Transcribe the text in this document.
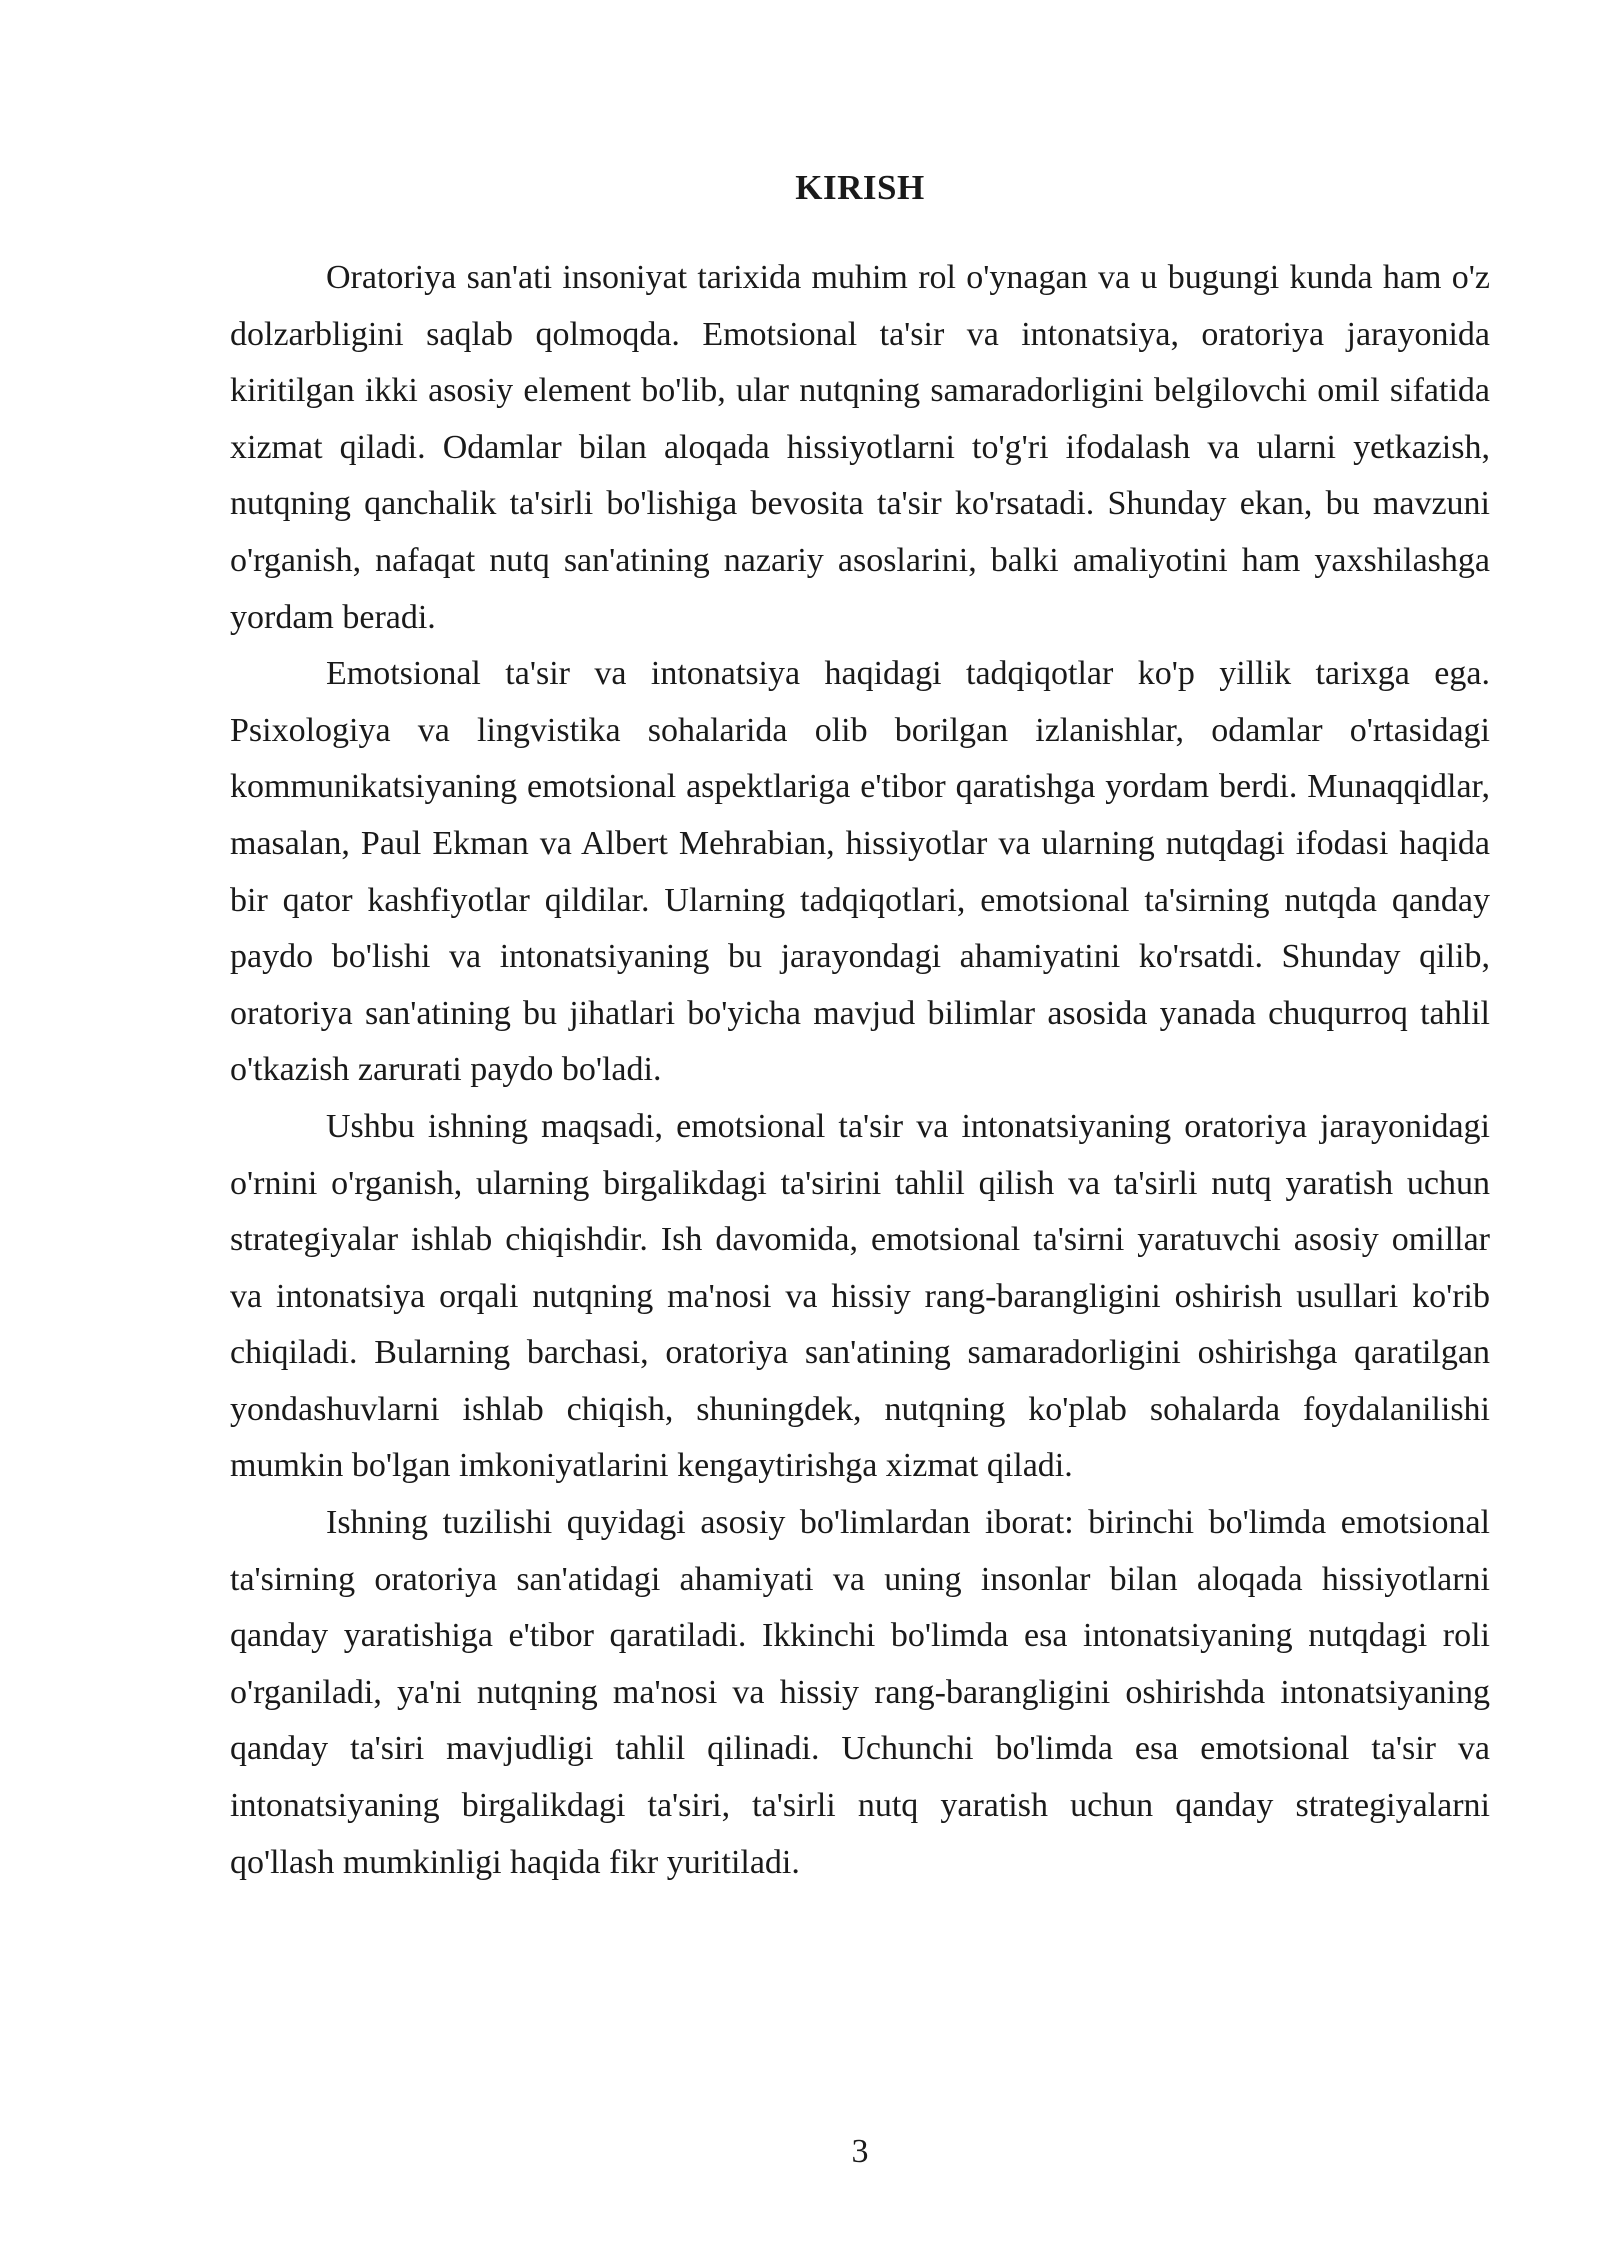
KIRISH

Oratoriya san'ati insoniyat tarixida muhim rol o'ynagan va u bugungi kunda ham o'z dolzarbligini saqlab qolmoqda. Emotsional ta'sir va intonatsiya, oratoriya jarayonida kiritilgan ikki asosiy element bo'lib, ular nutqning samaradorligini belgilovchi omil sifatida xizmat qiladi. Odamlar bilan aloqada hissiyotlarni to'g'ri ifodalash va ularni yetkazish, nutqning qanchalik ta'sirli bo'lishiga bevosita ta'sir ko'rsatadi. Shunday ekan, bu mavzuni o'rganish, nafaqat nutq san'atining nazariy asoslarini, balki amaliyotini ham yaxshilashga yordam beradi.

Emotsional ta'sir va intonatsiya haqidagi tadqiqotlar ko'p yillik tarixga ega. Psixologiya va lingvistika sohalarida olib borilgan izlanishlar, odamlar o'rtasidagi kommunikatsiyaning emotsional aspektlariga e'tibor qaratishga yordam berdi. Munaqqidlar, masalan, Paul Ekman va Albert Mehrabian, hissiyotlar va ularning nutqdagi ifodasi haqida bir qator kashfiyotlar qildilar. Ularning tadqiqotlari, emotsional ta'sirning nutqda qanday paydo bo'lishi va intonatsiyaning bu jarayondagi ahamiyatini ko'rsatdi. Shunday qilib, oratoriya san'atining bu jihatlari bo'yicha mavjud bilimlar asosida yanada chuqurroq tahlil o'tkazish zarurati paydo bo'ladi.

Ushbu ishning maqsadi, emotsional ta'sir va intonatsiyaning oratoriya jarayonidagi o'rnini o'rganish, ularning birgalikdagi ta'sirini tahlil qilish va ta'sirli nutq yaratish uchun strategiyalar ishlab chiqishdir. Ish davomida, emotsional ta'sirni yaratuvchi asosiy omillar va intonatsiya orqali nutqning ma'nosi va hissiy rang-barangligini oshirish usullari ko'rib chiqiladi. Bularning barchasi, oratoriya san'atining samaradorligini oshirishga qaratilgan yondashuvlarni ishlab chiqish, shuningdek, nutqning ko'plab sohalarda foydalanilishi mumkin bo'lgan imkoniyatlarini kengaytirishga xizmat qiladi.

Ishning tuzilishi quyidagi asosiy bo'limlardan iborat: birinchi bo'limda emotsional ta'sirning oratoriya san'atidagi ahamiyati va uning insonlar bilan aloqada hissiyotlarni qanday yaratishiga e'tibor qaratiladi. Ikkinchi bo'limda esa intonatsiyaning nutqdagi roli o'rganiladi, ya'ni nutqning ma'nosi va hissiy rang-barangligini oshirishda intonatsiyaning qanday ta'siri mavjudligi tahlil qilinadi. Uchunchi bo'limda esa emotsional ta'sir va intonatsiyaning birgalikdagi ta'siri, ta'sirli nutq yaratish uchun qanday strategiyalarni qo'llash mumkinligi haqida fikr yuritiladi.

3
